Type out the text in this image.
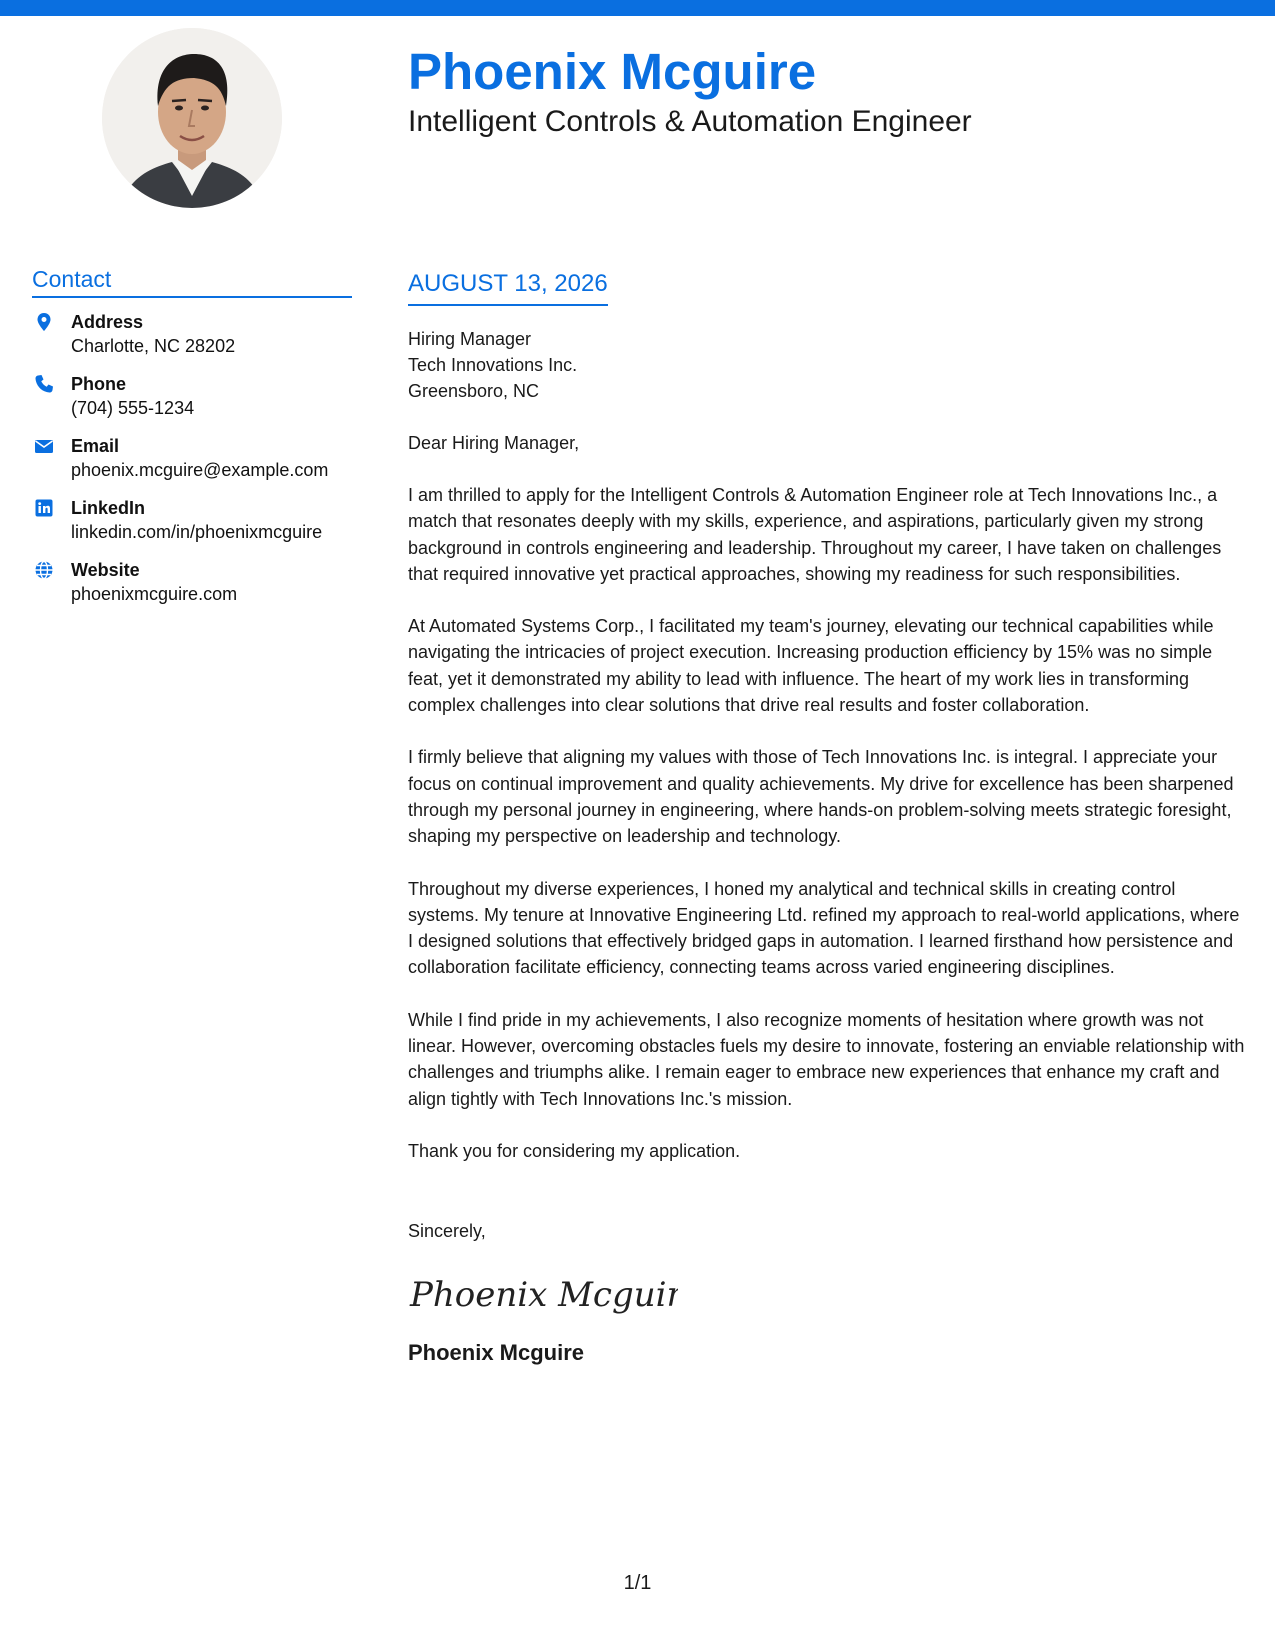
Phoenix Mcguire
Intelligent Controls & Automation Engineer
Contact
Address
Charlotte, NC 28202
Phone
(704) 555-1234
Email
phoenix.mcguire@example.com
LinkedIn
linkedin.com/in/phoenixmcguire
Website
phoenixmcguire.com
AUGUST 13, 2026
Hiring Manager
Tech Innovations Inc.
Greensboro, NC
Dear Hiring Manager,

I am thrilled to apply for the Intelligent Controls & Automation Engineer role at Tech Innovations Inc., a match that resonates deeply with my skills, experience, and aspirations, particularly given my strong background in controls engineering and leadership. Throughout my career, I have taken on challenges that required innovative yet practical approaches, showing my readiness for such responsibilities.

At Automated Systems Corp., I facilitated my team's journey, elevating our technical capabilities while navigating the intricacies of project execution. Increasing production efficiency by 15% was no simple feat, yet it demonstrated my ability to lead with influence. The heart of my work lies in transforming complex challenges into clear solutions that drive real results and foster collaboration.

I firmly believe that aligning my values with those of Tech Innovations Inc. is integral. I appreciate your focus on continual improvement and quality achievements. My drive for excellence has been sharpened through my personal journey in engineering, where hands-on problem-solving meets strategic foresight, shaping my perspective on leadership and technology.

Throughout my diverse experiences, I honed my analytical and technical skills in creating control systems. My tenure at Innovative Engineering Ltd. refined my approach to real-world applications, where I designed solutions that effectively bridged gaps in automation. I learned firsthand how persistence and collaboration facilitate efficiency, connecting teams across varied engineering disciplines.

While I find pride in my achievements, I also recognize moments of hesitation where growth was not linear. However, overcoming obstacles fuels my desire to innovate, fostering an enviable relationship with challenges and triumphs alike. I remain eager to embrace new experiences that enhance my craft and align tightly with Tech Innovations Inc.'s mission.

Thank you for considering my application.

Sincerely,
Phoenix Mcguire
Phoenix Mcguire
1/1
